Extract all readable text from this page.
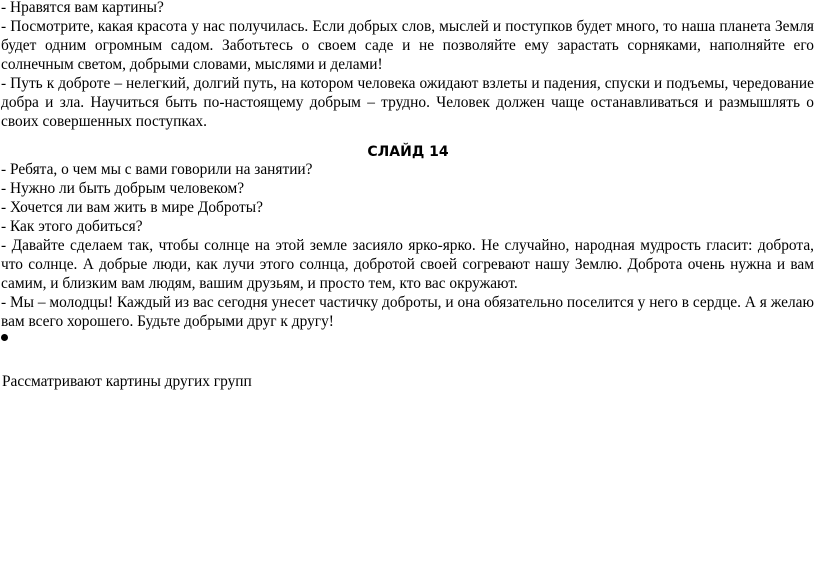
- Нравятся вам картины?

- Посмотрите, какая красота у нас получилась. Если добрых слов, мыслей и поступков будет много, то наша планета Земля будет одним огромным садом. Заботьтесь о своем саде и не позволяйте ему зарастать сорняками, наполняйте его солнечным светом, добрыми словами, мыслями и делами!

- Путь к доброте – нелегкий, долгий путь, на котором человека ожидают взлеты и падения, спуски и подъемы, чередование добра и зла. Научиться быть по-настоящему добрым – трудно. Человек должен чаще останавливаться и размышлять о своих совершенных поступках.

СЛАЙД 14

- Ребята, о чем мы с вами говорили на занятии?

- Нужно ли быть добрым человеком?

- Хочется ли вам жить в мире Доброты?

- Как этого добиться?

- Давайте сделаем так, чтобы солнце на этой земле засияло ярко-ярко. Не случайно, народная мудрость гласит: доброта, что солнце. А добрые люди, как лучи этого солнца, добротой своей согревают нашу Землю. Доброта очень нужна и вам самим, и близким вам людям, вашим друзьям, и просто тем, кто вас окружают.

- Мы – молодцы! Каждый из вас сегодня унесет частичку доброты, и она обязательно поселится у него в сердце. А я желаю вам всего хорошего. Будьте добрыми друг к другу!

Рассматривают картины других групп
